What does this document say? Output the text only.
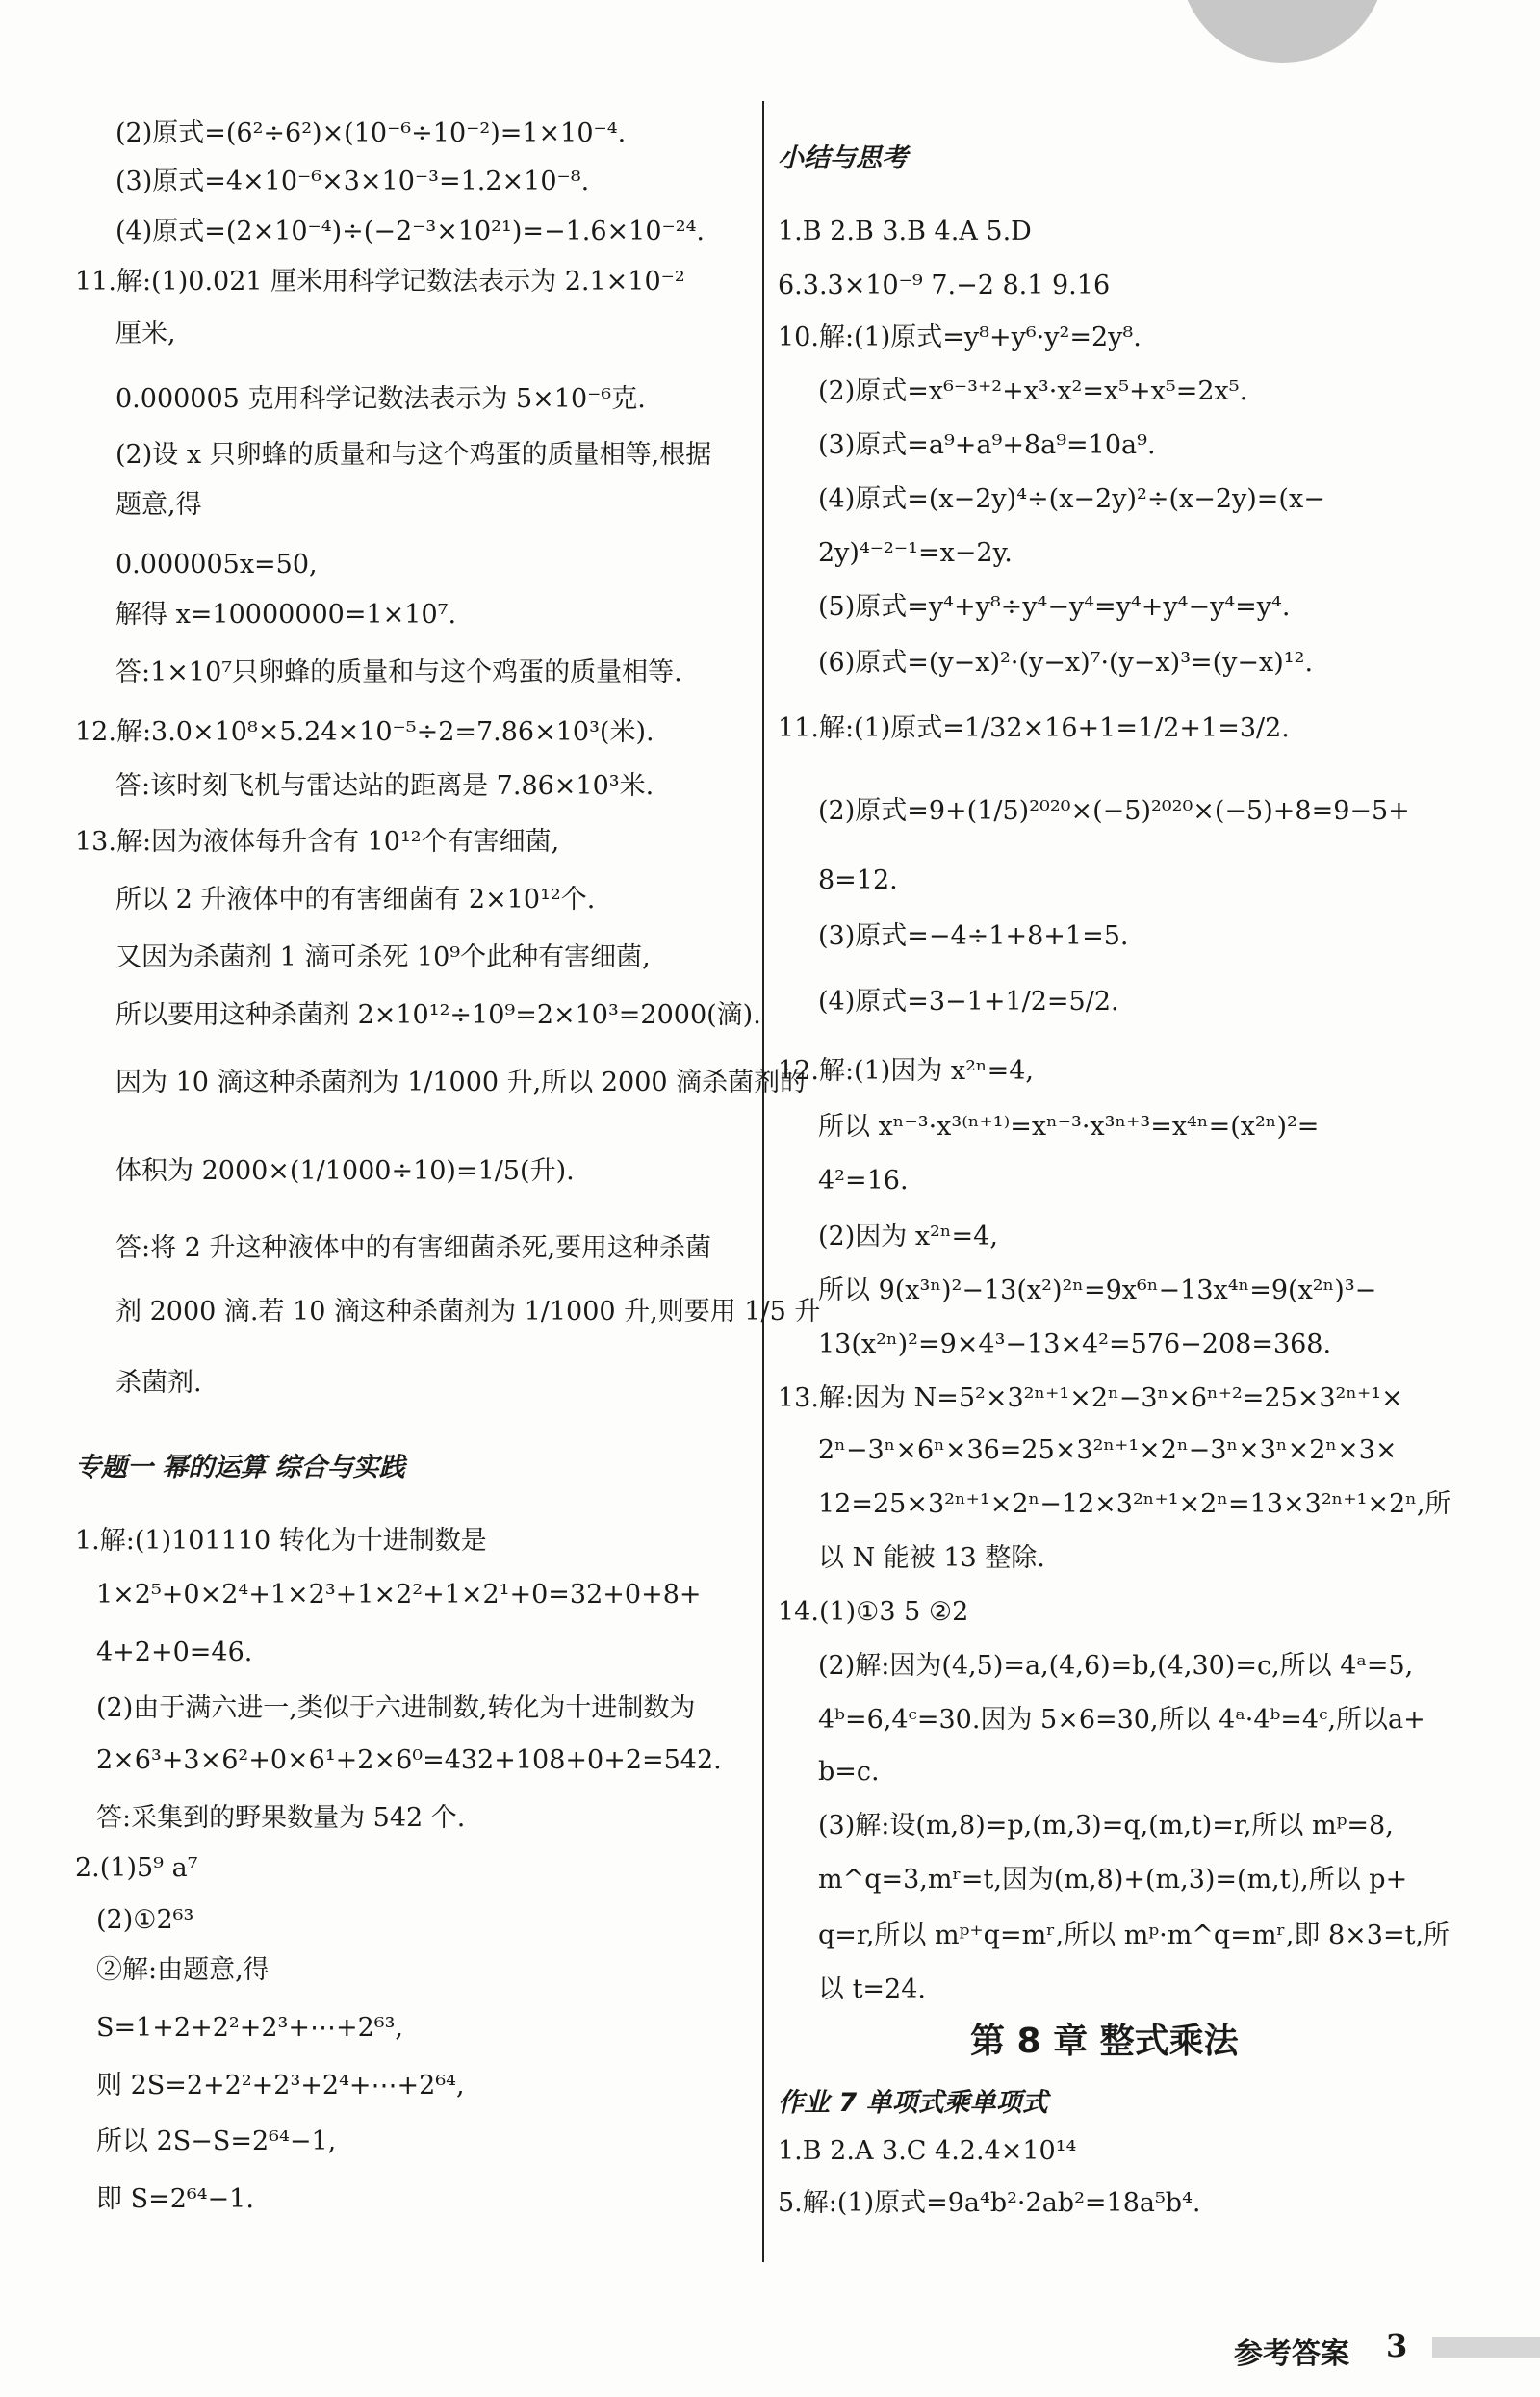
(2)原式=(6²÷6²)×(10⁻⁶÷10⁻²)=1×10⁻⁴.
(3)原式=4×10⁻⁶×3×10⁻³=1.2×10⁻⁸.
(4)原式=(2×10⁻⁴)÷(−2⁻³×10²¹)=−1.6×10⁻²⁴.
11.解:(1)0.021 厘米用科学记数法表示为 2.1×10⁻²
厘米,
0.000005 克用科学记数法表示为 5×10⁻⁶克.
(2)设 x 只卵蜂的质量和与这个鸡蛋的质量相等,根据
题意,得
0.000005x=50,
解得 x=10000000=1×10⁷.
答:1×10⁷只卵蜂的质量和与这个鸡蛋的质量相等.
12.解:3.0×10⁸×5.24×10⁻⁵÷2=7.86×10³(米).
答:该时刻飞机与雷达站的距离是 7.86×10³米.
13.解:因为液体每升含有 10¹²个有害细菌,
所以 2 升液体中的有害细菌有 2×10¹²个.
又因为杀菌剂 1 滴可杀死 10⁹个此种有害细菌,
所以要用这种杀菌剂 2×10¹²÷10⁹=2×10³=2000(滴).
因为 10 滴这种杀菌剂为 1/1000 升,所以 2000 滴杀菌剂的
体积为 2000×(1/1000÷10)=1/5(升).
答:将 2 升这种液体中的有害细菌杀死,要用这种杀菌
剂 2000 滴.若 10 滴这种杀菌剂为 1/1000 升,则要用 1/5 升
杀菌剂.
专题一 幂的运算 综合与实践
1.解:(1)101110 转化为十进制数是
1×2⁵+0×2⁴+1×2³+1×2²+1×2¹+0=32+0+8+
4+2+0=46.
(2)由于满六进一,类似于六进制数,转化为十进制数为
2×6³+3×6²+0×6¹+2×6⁰=432+108+0+2=542.
答:采集到的野果数量为 542 个.
2.(1)5⁹ a⁷
(2)①2⁶³
②解:由题意,得
S=1+2+2²+2³+⋯+2⁶³,
则 2S=2+2²+2³+2⁴+⋯+2⁶⁴,
所以 2S−S=2⁶⁴−1,
即 S=2⁶⁴−1.
小结与思考
1.B 2.B 3.B 4.A 5.D
6.3.3×10⁻⁹ 7.−2 8.1 9.16
10.解:(1)原式=y⁸+y⁶·y²=2y⁸.
(2)原式=x⁶⁻³⁺²+x³·x²=x⁵+x⁵=2x⁵.
(3)原式=a⁹+a⁹+8a⁹=10a⁹.
(4)原式=(x−2y)⁴÷(x−2y)²÷(x−2y)=(x−
2y)⁴⁻²⁻¹=x−2y.
(5)原式=y⁴+y⁸÷y⁴−y⁴=y⁴+y⁴−y⁴=y⁴.
(6)原式=(y−x)²·(y−x)⁷·(y−x)³=(y−x)¹².
11.解:(1)原式=1/32×16+1=1/2+1=3/2.
(2)原式=9+(1/5)²⁰²⁰×(−5)²⁰²⁰×(−5)+8=9−5+
8=12.
(3)原式=−4÷1+8+1=5.
(4)原式=3−1+1/2=5/2.
12.解:(1)因为 x²ⁿ=4,
所以 xⁿ⁻³·x³⁽ⁿ⁺¹⁾=xⁿ⁻³·x³ⁿ⁺³=x⁴ⁿ=(x²ⁿ)²=
4²=16.
(2)因为 x²ⁿ=4,
所以 9(x³ⁿ)²−13(x²)²ⁿ=9x⁶ⁿ−13x⁴ⁿ=9(x²ⁿ)³−
13(x²ⁿ)²=9×4³−13×4²=576−208=368.
13.解:因为 N=5²×3²ⁿ⁺¹×2ⁿ−3ⁿ×6ⁿ⁺²=25×3²ⁿ⁺¹×
2ⁿ−3ⁿ×6ⁿ×36=25×3²ⁿ⁺¹×2ⁿ−3ⁿ×3ⁿ×2ⁿ×3×
12=25×3²ⁿ⁺¹×2ⁿ−12×3²ⁿ⁺¹×2ⁿ=13×3²ⁿ⁺¹×2ⁿ,所
以 N 能被 13 整除.
14.(1)①3 5 ②2
(2)解:因为(4,5)=a,(4,6)=b,(4,30)=c,所以 4ᵃ=5,
4ᵇ=6,4ᶜ=30.因为 5×6=30,所以 4ᵃ·4ᵇ=4ᶜ,所以a+
b=c.
(3)解:设(m,8)=p,(m,3)=q,(m,t)=r,所以 mᵖ=8,
m^q=3,mʳ=t,因为(m,8)+(m,3)=(m,t),所以 p+
q=r,所以 mᵖ⁺q=mʳ,所以 mᵖ·m^q=mʳ,即 8×3=t,所
以 t=24.
第 8 章 整式乘法
作业 7 单项式乘单项式
1.B 2.A 3.C 4.2.4×10¹⁴
5.解:(1)原式=9a⁴b²·2ab²=18a⁵b⁴.
参考答案 3
